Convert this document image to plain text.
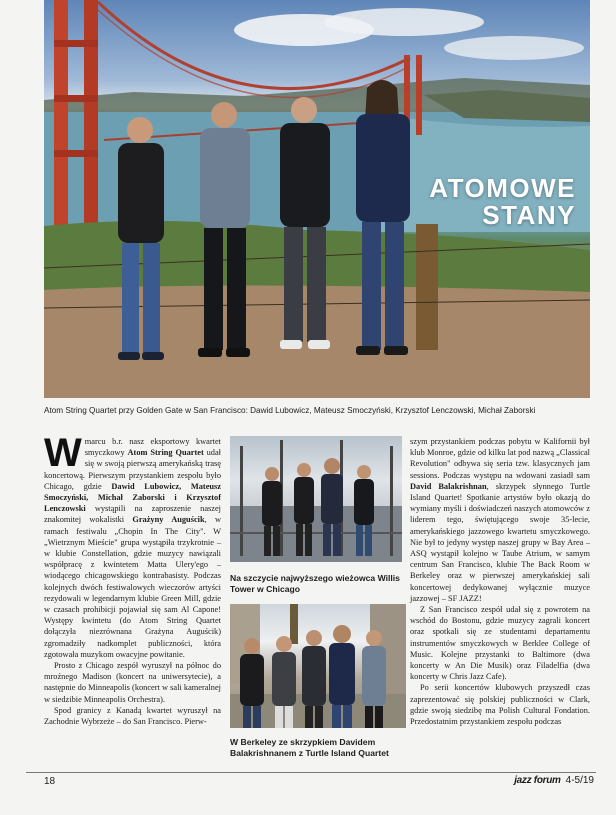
ATOMOWE
STANY
Atom String Quartet przy Golden Gate w San Francisco: Dawid Lubowicz, Mateusz Smoczyński, Krzysztof Lenczowski, Michał Zaborski

Wmarcu b.r. nasz eksportowy kwartet smyczkowy Atom String Quartet udał się w swoją pierwszą amerykańską trasę koncertową. Pierwszym przystankiem zespołu było Chicago, gdzie Dawid Lubowicz, Mateusz Smoczyński, Michał Zaborski i Krzysztof Lenczowski wystąpili na zaproszenie naszej znakomitej wokalistki Grażyny Auguścik, w ramach festiwalu „Chopin In The City". W „Wietrznym Mieście" grupa wystąpiła trzykrotnie – w klubie Constellation, gdzie muzycy nawiązali współpracę z kwintetem Matta Ulery'ego – wiodącego chicagowskiego kontrabasisty. Podczas kolejnych dwóch festiwalowych wieczorów artyści rezydowali w legendarnym klubie Green Mill, gdzie w czasach prohibicji pojawiał się sam Al Capone! Występy kwintetu (do Atom String Quartet dołączyła niezrównana Grażyna Auguścik) zgromadziły nadkomplet publiczności, która zgotowała muzykom owacyjne powitanie.

Prosto z Chicago zespół wyruszył na północ do mroźnego Madison (koncert na uniwersytecie), a następnie do Minneapolis (koncert w sali kameralnej w siedzibie Minneapolis Orchestra).

Spod granicy z Kanadą kwartet wyruszył na Zachodnie Wybrzeże – do San Francisco. Pierw-

Na szczycie najwyższego wieżowca Willis Tower w Chicago
W Berkeley ze skrzypkiem Davidem Balakrishnanem z Turtle Island Quartet

szym przystankiem podczas pobytu w Kalifornii był klub Monroe, gdzie od kilku lat pod nazwą „Classical Revolution" odbywa się seria tzw. klasycznych jam sessions. Podczas występu na wdowani zasiadł sam David Balakrishnan, skrzypek słynnego Turtle Island Quartet! Spotkanie artystów było okazją do wymiany myśli i doświadczeń naszych atomowców z liderem tego, świętującego swoje 35-lecie, amerykańskiego jazzowego kwartetu smyczkowego. Nie był to jedyny występ naszej grupy w Bay Area – ASQ wystąpił kolejno w Taube Atrium, w samym centrum San Francisco, klubie The Back Room w Berkeley oraz w pierwszej amerykańskiej sali koncertowej dedykowanej wyłącznie muzyce jazzowej – SF JAZZ!

Z San Francisco zespół udał się z powrotem na wschód do Bostonu, gdzie muzycy zagrali koncert oraz spotkali się ze studentami departamentu instrumentów smyczkowych w Berklee College of Music. Kolejne przystanki to Baltimore (dwa koncerty w An Die Musik) oraz Filadelfia (dwa koncerty w Chris Jazz Cafe).

Po serii koncertów klubowych przyszedł czas zaprezentować się polskiej publiczności w Clark, gdzie swoją siedzibę ma Polish Cultural Fondation. Przedostatnim przystankiem zespołu podczas

18	jazz forum 4-5/19
